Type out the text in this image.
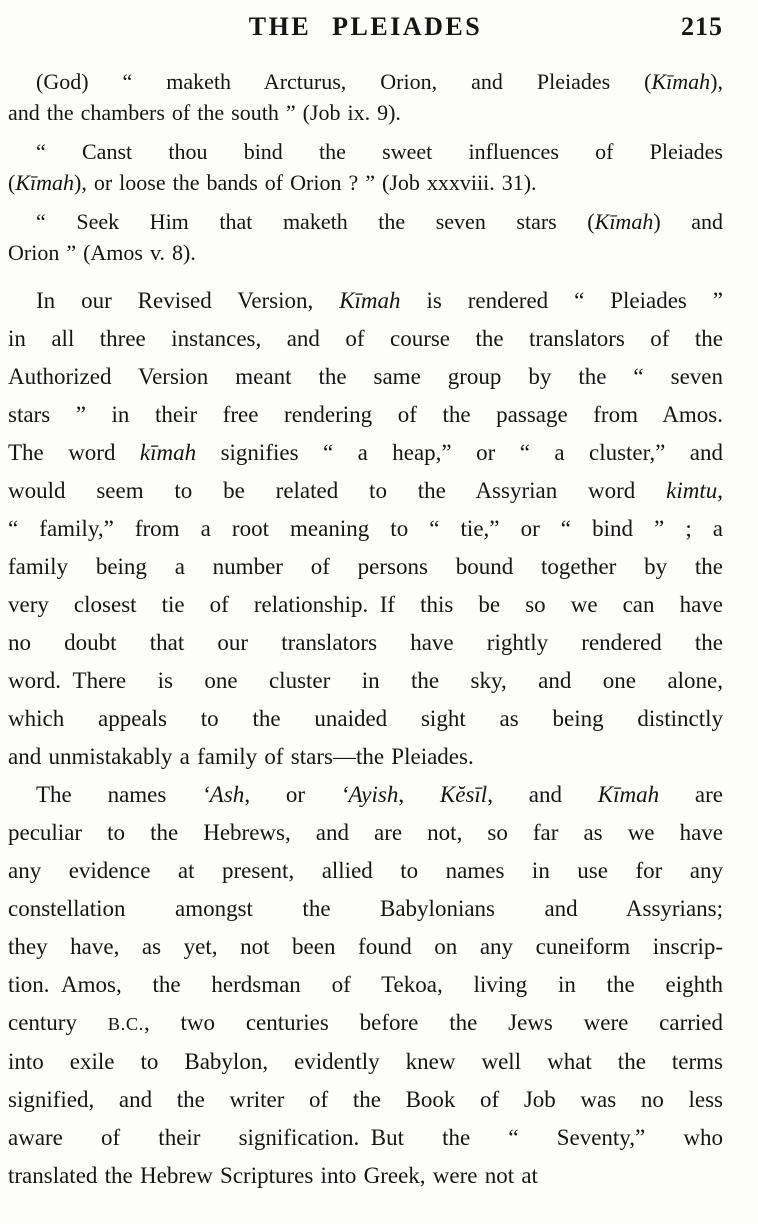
THE PLEIADES	215

(God) “ maketh Arcturus, Orion, and Pleiades (Kīmah),
and the chambers of the south ” (Job ix. 9).

“ Canst thou bind the sweet influences of Pleiades
(Kīmah), or loose the bands of Orion ? ” (Job xxxviii. 31).

“ Seek Him that maketh the seven stars (Kīmah) and
Orion ” (Amos v. 8).

In our Revised Version, Kīmah is rendered “ Pleiades ”
in all three instances, and of course the translators of the
Authorized Version meant the same group by the “ seven
stars ” in their free rendering of the passage from Amos.
The word kīmah signifies “ a heap,” or “ a cluster,” and
would seem to be related to the Assyrian word kimtu,
“ family,” from a root meaning to “ tie,” or “ bind ” ; a
family being a number of persons bound together by the
very closest tie of relationship. If this be so we can have
no doubt that our translators have rightly rendered the
word. There is one cluster in the sky, and one alone,
which appeals to the unaided sight as being distinctly
and unmistakably a family of stars—the Pleiades.

The names ‘Ash, or ‘Ayish, Kĕsīl, and Kīmah are
peculiar to the Hebrews, and are not, so far as we have
any evidence at present, allied to names in use for any
constellation amongst the Babylonians and Assyrians;
they have, as yet, not been found on any cuneiform inscrip-
tion. Amos, the herdsman of Tekoa, living in the eighth
century B.C., two centuries before the Jews were carried
into exile to Babylon, evidently knew well what the terms
signified, and the writer of the Book of Job was no less
aware of their signification. But the “ Seventy,” who
translated the Hebrew Scriptures into Greek, were not at
